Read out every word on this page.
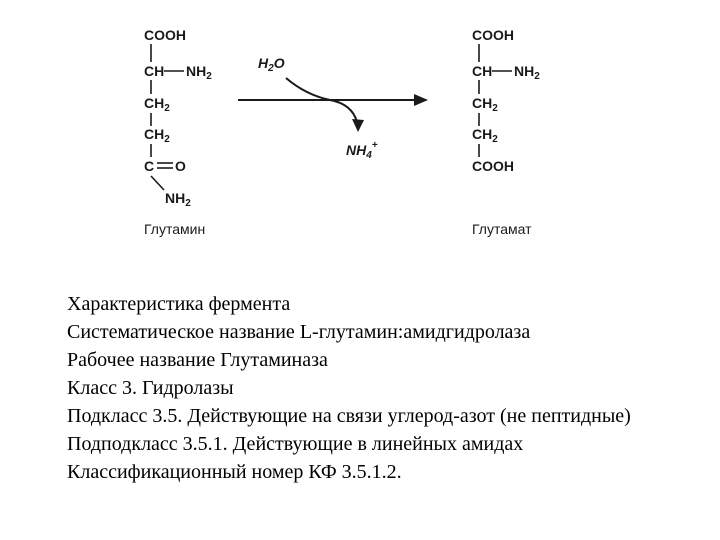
COOH
CH $NH_2$
$CH_2$
$CH_2$
C O
$NH_2$
Глутамин
$H_2O$
$NH_4^+$
COOH
CH $NH_2$
$CH_2$
$CH_2$
COOH
Глутамат

Характеристика фермента

Систематическое название L-глутамин:амидгидролаза

Рабочее название Глутаминаза

Класс 3. Гидролазы

Подкласс 3.5. Действующие на связи углерод-азот (не пептидные)

Подподкласс 3.5.1. Действующие в линейных амидах

Классификационный номер КФ 3.5.1.2.
